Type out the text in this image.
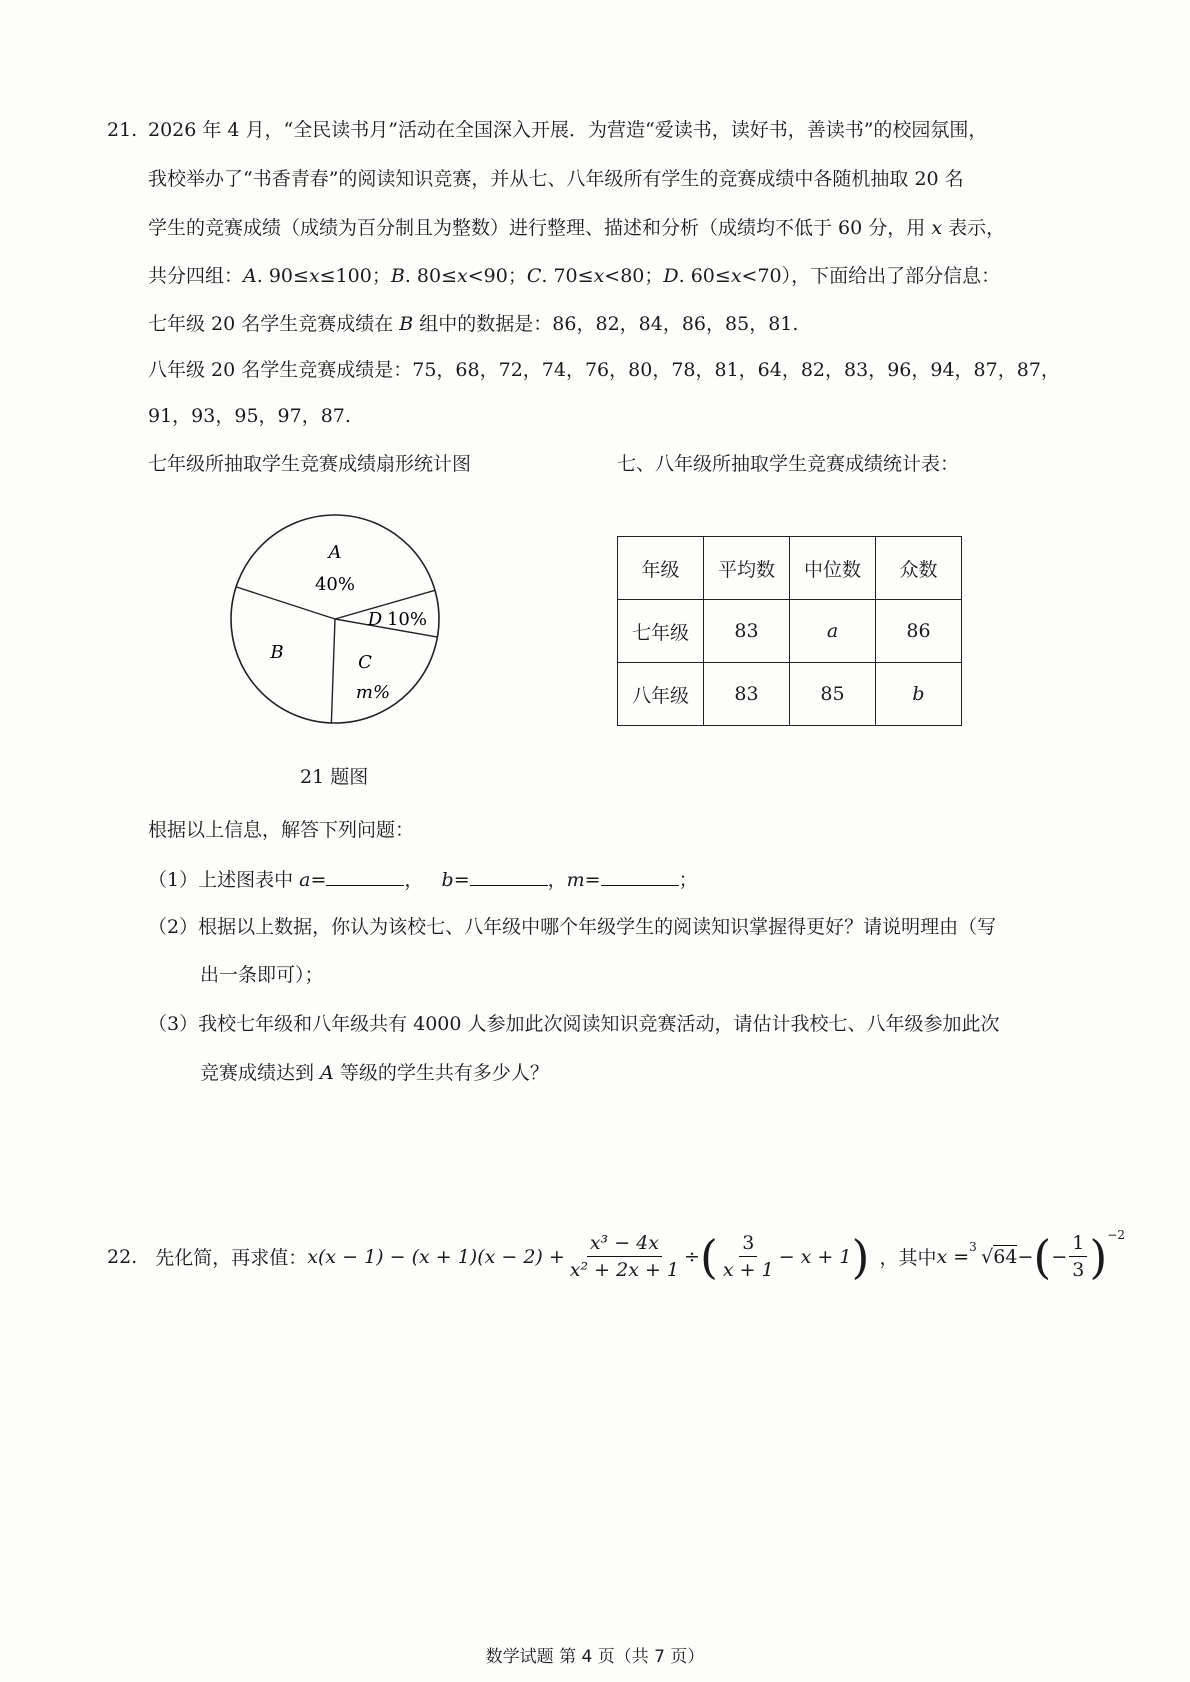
21. 2026 年 4 月，“全民读书月”活动在全国深入开展．为营造“爱读书，读好书，善读书”的校园氛围，
我校举办了“书香青春”的阅读知识竞赛，并从七、八年级所有学生的竞赛成绩中各随机抽取 20 名
学生的竞赛成绩（成绩为百分制且为整数）进行整理、描述和分析（成绩均不低于 60 分，用 x 表示，
共分四组：A. 90≤x≤100；B. 80≤x<90；C. 70≤x<80；D. 60≤x<70），下面给出了部分信息：
七年级 20 名学生竞赛成绩在 B 组中的数据是：86，82，84，86，85，81.
八年级 20 名学生竞赛成绩是：75，68，72，74，76，80，78，81，64，82，83，96，94，87，87，
91，93，95，97，87.
七年级所抽取学生竞赛成绩扇形统计图	七、八年级所抽取学生竞赛成绩统计表：
A
40%
D 10%
C
m%
B
21 题图
年级	平均数	中位数	众数
七年级	83	a	86
八年级	83	85	b
根据以上信息，解答下列问题：
（1）上述图表中 a=	， b=	，m=	；
（2）根据以上数据，你认为该校七、八年级中哪个年级学生的阅读知识掌握得更好？请说明理由（写
出一条即可）；
（3）我校七年级和八年级共有 4000 人参加此次阅读知识竞赛活动，请估计我校七、八年级参加此次
竞赛成绩达到 A 等级的学生共有多少人？
22. 先化简，再求值： $x(x - 1) - (x + 1)(x - 2) + \frac{\text{x³ − 4x}}{\text{x² + 2x + 1}}$ ÷ ( $\frac{3}{x + 1} - x + 1$ ) ，其中 x = 3 √64 − ( − $\frac{1}{3} )^{-2}$
数学试题 第 4 页（共 7 页）
